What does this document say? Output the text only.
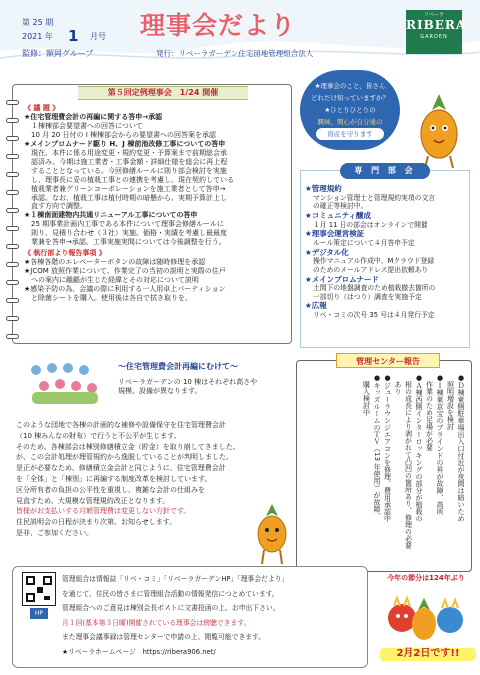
第 25 期
2021 年 1 月号 理事会だより
監修：額岡グループ	発行：リベーラガーデン住宅団地管理組合法人
リベーラ
RIBERA
GARDEN
第５回定例理事会　1/24 開催
《 議 題 》
★住宅管理費会計の再編に関する答申→承認
　１棟棟部会要望書への回答について
　10 月 20 日付の I 棟棟部会からの要望書への回答案を承認
★メインプロムナード駆り H、J 棟前池改修工事についての答申
　現在、本件に係る用途変更・規約変更・予算案まで前期総会承
　認済み。今期は施工業者・工事金額・詳細仕様を総会に再上程
　することとなっている。今回修繕ルールに則り部会検討を実施
　し、理事長に妥の植栽工事との連携を考慮し、現在契約している
　植栽業者兼グリーンコーポレーションを施工業者として答申→
　承認。なお、植栽工事は植付時期の暗懸から、実期予算計上し
　直す方向で調整。
★１棟南面建物内共通リニューアル工事についての答申
　25 期事業計画内工事である本件について理事会修繕ルールに
　則り、見積り合わせ（３社）実施。価格・実績を考慮し最最度
　業兼を答申→承認。工事実施実間については今後調整を行う。
《 執行部より報告事項 》
★各棟各階のエレベーターボタンの故障は随時修理を承認
★JCOM 放照作業について、作業完了の当初の説明と実際の住戸
　への案内に齟齬が生じた経緯とその対応について説明
★感染予防の為、会議の際に利用する一人用卓上パーティション
　と除菌シートを購入。使用後は各自で拭き取りを。
★理事会のこと、皆さん
どれだけ知っていますか？
★ひとりひとりの
興味、関心が自分達の
資産を守ります
専 門 部 会
★管理規約
マンション管理士と管理規約実項の文言
の確正等検討中。
★コミュニティ醸成
１月 11 日の部会はオンラインで開催
★理事会運営検証
ルール策定について４月答申予定
★デジタル化
操作マニュアル作成中、Mクラウド登録
のためのメールアドレス提出依頼あり
★メインプロムナード
土間下の地盤調査のため植栽撤去箇所の
一部切り（はつり）調査を実施予定
★広報
リベ・コミの次号 35 号は４月発行予定
〜住宅管理費会計再編にむけて〜
リベーラガーデンの 10 棟はそれぞれ高さや
規模、設備が異なります。
このような団地で各棟の計画的な補修や設備保守を住宅管理費会計
（10 棟みんなの財布）で行うと不公平が生じます。
そのため、各棟部会は棟別修繕積立金（貯金）を取り崩してきました。
が、この会計処理が理管規約から逸脱していることが判明しました。
是正が必要なため、修繕積立金会計と同じように、住宅管理費会計
を「全体」と「棟別」に再編する制度改革を検討しています。
区分所有者の負担の公平性を重視し、複雑な会計の仕組みを
見直すため、大規模な管理規約改正となります。
皆様がお支払いする月額管理費は変更しない方針です。
住民説明会の日程が決まり次第、お知らせします。
是非、ご参加ください。
管理センター報告
●Ｄ棟東側駐車場出入口付近が夜間は暗いため
　照明増設を検討
●Ｉ棟東京宝のブラインドの昇が故障、高所
　作業のため足場が必要
●Ａ棟西側インターロッキングの部分が植栽の
　根の成長により剥がれて凸凹の箇所あり、修理の必要
　あり
●ジューラウンジエアコンを修理、費用承認中
●キッズルームのＴＶ（13 年使用）が故障、
　購入検討中
HP
管理組合は情報誌「リベ・コミ」「リベーラガーデンHP」「理事会だより」
を通じて、住民の皆さまに管理組合活動の情報発信につとめています。
管理組合へのご意見は棟別会長ポストに文書投函の上、お申出下さい。
月１回(基本第３日曜)開催されている理事会は傍聴できます。
また理事会議事録は管理センターで申請の上、閲覧可能できます。
★リベーラホームページ　https://ribera906.net/
今年の節分は124年ぶり
2月2日です!!
